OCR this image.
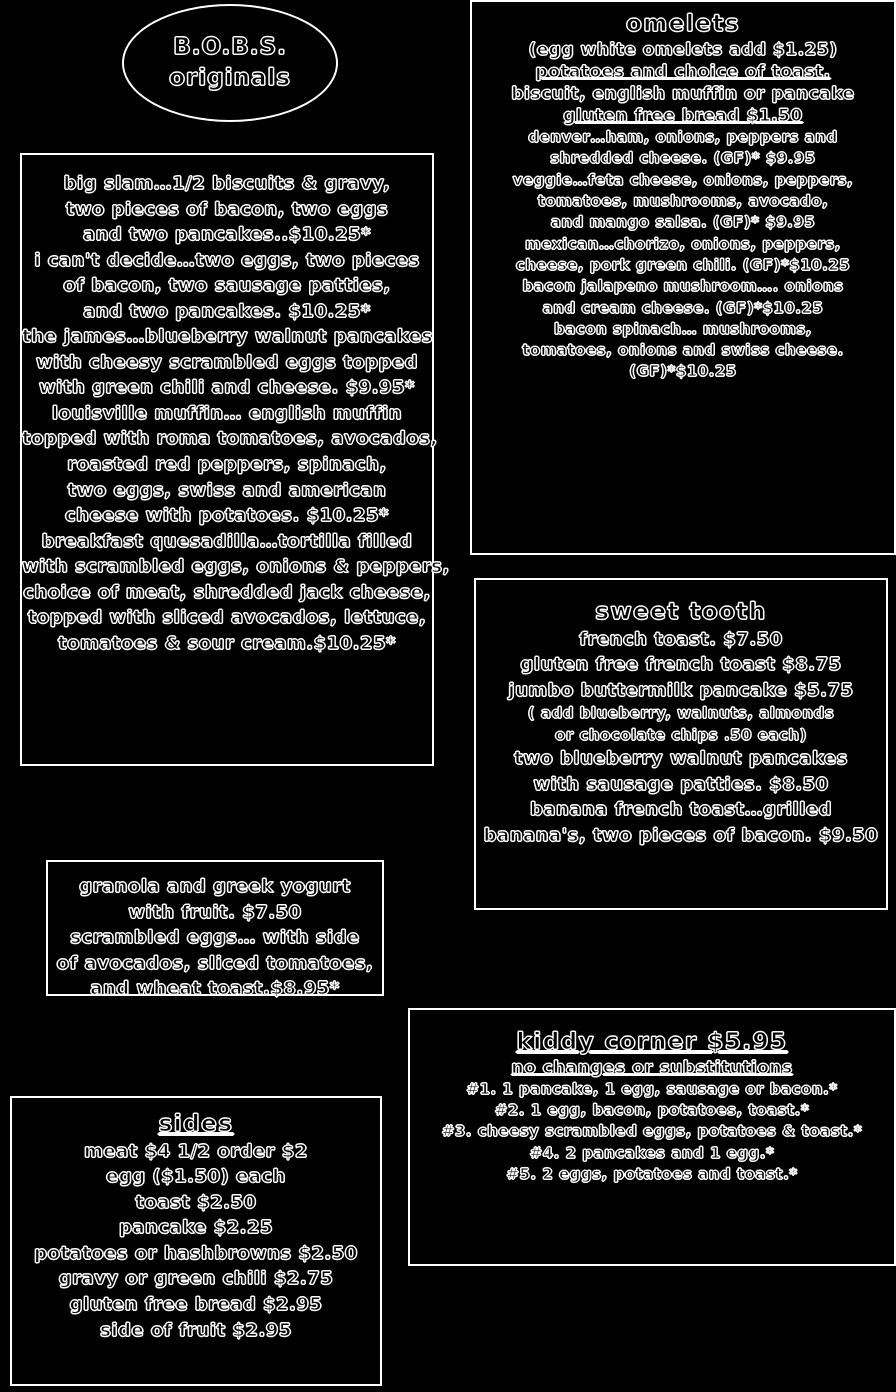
B.O.B.S.
originals
big slam…1/2 biscuits & gravy,
two pieces of bacon, two eggs
and two pancakes..$10.25*
i can't decide…two eggs, two pieces
of bacon, two sausage patties,
and two pancakes. $10.25*
the james…blueberry walnut pancakes
with cheesy scrambled eggs topped
with green chili and cheese. $9.95*
louisville muffin… english muffin
topped with roma tomatoes, avocados,
roasted red peppers, spinach,
two eggs, swiss and american
cheese with potatoes. $10.25*
breakfast quesadilla…tortilla filled
with scrambled eggs, onions & peppers,
choice of meat, shredded jack cheese,
topped with sliced avocados, lettuce,
tomatoes & sour cream.$10.25*
omelets
(egg white omelets add $1.25)
potatoes and choice of toast.
biscuit, english muffin or pancake
gluten free bread $1.50
denver…ham, onions, peppers and
shredded cheese. (GF)* $9.95
veggie…feta cheese, onions, peppers,
tomatoes, mushrooms, avocado,
and mango salsa. (GF)* $9.95
mexican…chorizo, onions, peppers,
cheese, pork green chili. (GF)*$10.25
bacon jalapeno mushroom…. onions
and cream cheese. (GF)*$10.25
bacon spinach… mushrooms,
tomatoes, onions and swiss cheese.
(GF)*$10.25
sweet tooth
french toast. $7.50
gluten free french toast $8.75
jumbo buttermilk pancake $5.75
( add blueberry, walnuts, almonds
or chocolate chips .50 each)
two blueberry walnut pancakes
with sausage patties. $8.50
banana french toast…grilled
banana's, two pieces of bacon. $9.50
granola and greek yogurt
with fruit. $7.50
scrambled eggs… with side
of avocados, sliced tomatoes,
and wheat toast.$8.95*
kiddy corner $5.95
no changes or substitutions
#1. 1 pancake, 1 egg, sausage or bacon.*
#2. 1 egg, bacon, potatoes, toast.*
#3. cheesy scrambled eggs, potatoes & toast.*
#4. 2 pancakes and 1 egg.*
#5. 2 eggs, potatoes and toast.*
sides
meat $4 1/2 order $2
egg ($1.50) each
toast $2.50
pancake $2.25
potatoes or hashbrowns $2.50
gravy or green chili $2.75
gluten free bread $2.95
side of fruit $2.95
